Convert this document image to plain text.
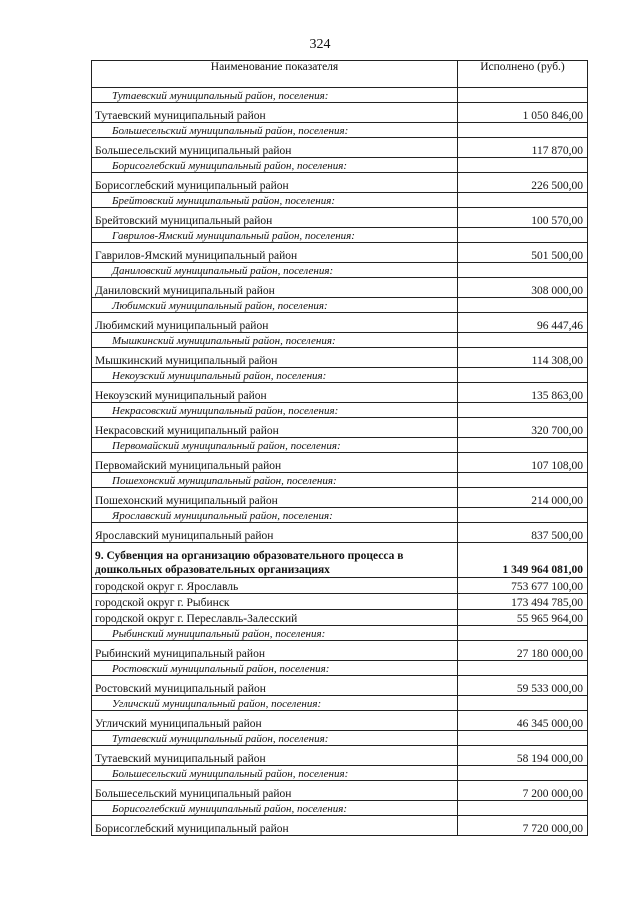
324
Наименование показателя	Исполнено (руб.)
Тутаевский муниципальный район, поселения:	
Тутаевский муниципальный район	1 050 846,00
Большесельский муниципальный район, поселения:	
Большесельский муниципальный район	117 870,00
Борисоглебский муниципальный район, поселения:	
Борисоглебский муниципальный район	226 500,00
Брейтовский муниципальный район, поселения:	
Брейтовский муниципальный район	100 570,00
Гаврилов-Ямский муниципальный район, поселения:	
Гаврилов-Ямский муниципальный район	501 500,00
Даниловский муниципальный район, поселения:	
Даниловский муниципальный район	308 000,00
Любимский муниципальный район, поселения:	
Любимский муниципальный район	96 447,46
Мышкинский муниципальный район, поселения:	
Мышкинский муниципальный район	114 308,00
Некоузский муниципальный район, поселения:	
Некоузский муниципальный район	135 863,00
Некрасовский муниципальный район, поселения:	
Некрасовский муниципальный район	320 700,00
Первомайский муниципальный район, поселения:	
Первомайский муниципальный район	107 108,00
Пошехонский муниципальный район, поселения:	
Пошехонский муниципальный район	214 000,00
Ярославский муниципальный район, поселения:	
Ярославский муниципальный район	837 500,00
9. Субвенция на организацию образовательного процесса в дошкольных образовательных организациях	1 349 964 081,00
городской округ г. Ярославль	753 677 100,00
городской округ г. Рыбинск	173 494 785,00
городской округ г. Переславль-Залесский	55 965 964,00
Рыбинский муниципальный район, поселения:	
Рыбинский муниципальный район	27 180 000,00
Ростовский муниципальный район, поселения:	
Ростовский муниципальный район	59 533 000,00
Угличский муниципальный район, поселения:	
Угличский муниципальный район	46 345 000,00
Тутаевский муниципальный район, поселения:	
Тутаевский муниципальный район	58 194 000,00
Большесельский муниципальный район, поселения:	
Большесельский муниципальный район	7 200 000,00
Борисоглебский муниципальный район, поселения:	
Борисоглебский муниципальный район	7 720 000,00
